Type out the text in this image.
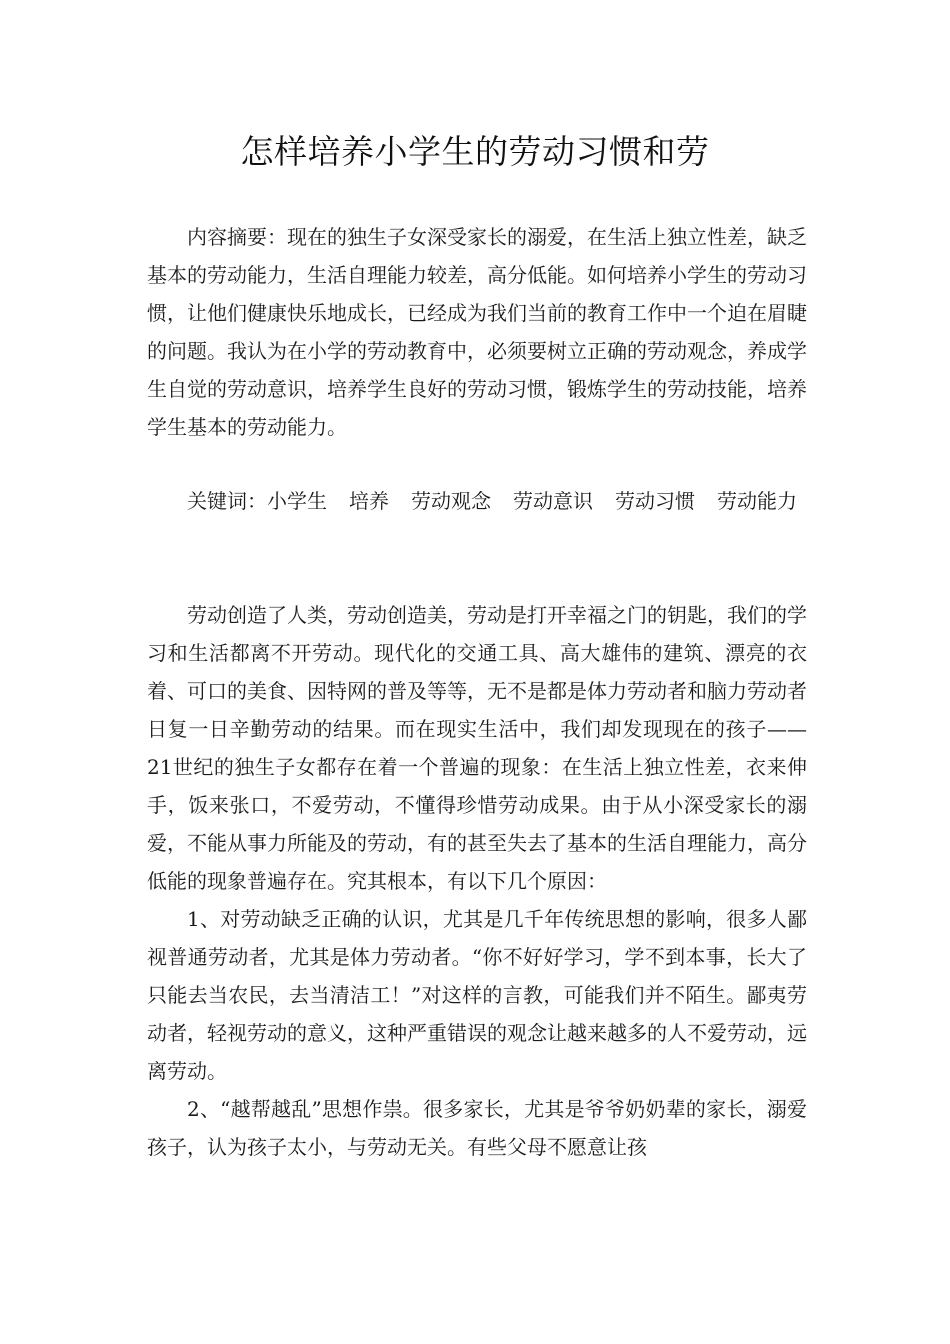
怎样培养小学生的劳动习惯和劳

内容摘要：现在的独生子女深受家长的溺爱，在生活上独立性差，缺乏基本的劳动能力，生活自理能力较差，高分低能。如何培养小学生的劳动习惯，让他们健康快乐地成长，已经成为我们当前的教育工作中一个迫在眉睫的问题。我认为在小学的劳动教育中，必须要树立正确的劳动观念，养成学生自觉的劳动意识，培养学生良好的劳动习惯，锻炼学生的劳动技能，培养学生基本的劳动能力。

关键词：小学生 培养 劳动观念 劳动意识 劳动习惯 劳动能力

劳动创造了人类，劳动创造美，劳动是打开幸福之门的钥匙，我们的学习和生活都离不开劳动。现代化的交通工具、高大雄伟的建筑、漂亮的衣着、可口的美食、因特网的普及等等，无不是都是体力劳动者和脑力劳动者日复一日辛勤劳动的结果。而在现实生活中，我们却发现现在的孩子——21世纪的独生子女都存在着一个普遍的现象：在生活上独立性差，衣来伸手，饭来张口，不爱劳动，不懂得珍惜劳动成果。由于从小深受家长的溺爱，不能从事力所能及的劳动，有的甚至失去了基本的生活自理能力，高分低能的现象普遍存在。究其根本，有以下几个原因：

1、对劳动缺乏正确的认识，尤其是几千年传统思想的影响，很多人鄙视普通劳动者，尤其是体力劳动者。“你不好好学习，学不到本事，长大了只能去当农民，去当清洁工！”对这样的言教，可能我们并不陌生。鄙夷劳动者，轻视劳动的意义，这种严重错误的观念让越来越多的人不爱劳动，远离劳动。

2、“越帮越乱”思想作祟。很多家长，尤其是爷爷奶奶辈的家长，溺爱孩子，认为孩子太小，与劳动无关。有些父母不愿意让孩
